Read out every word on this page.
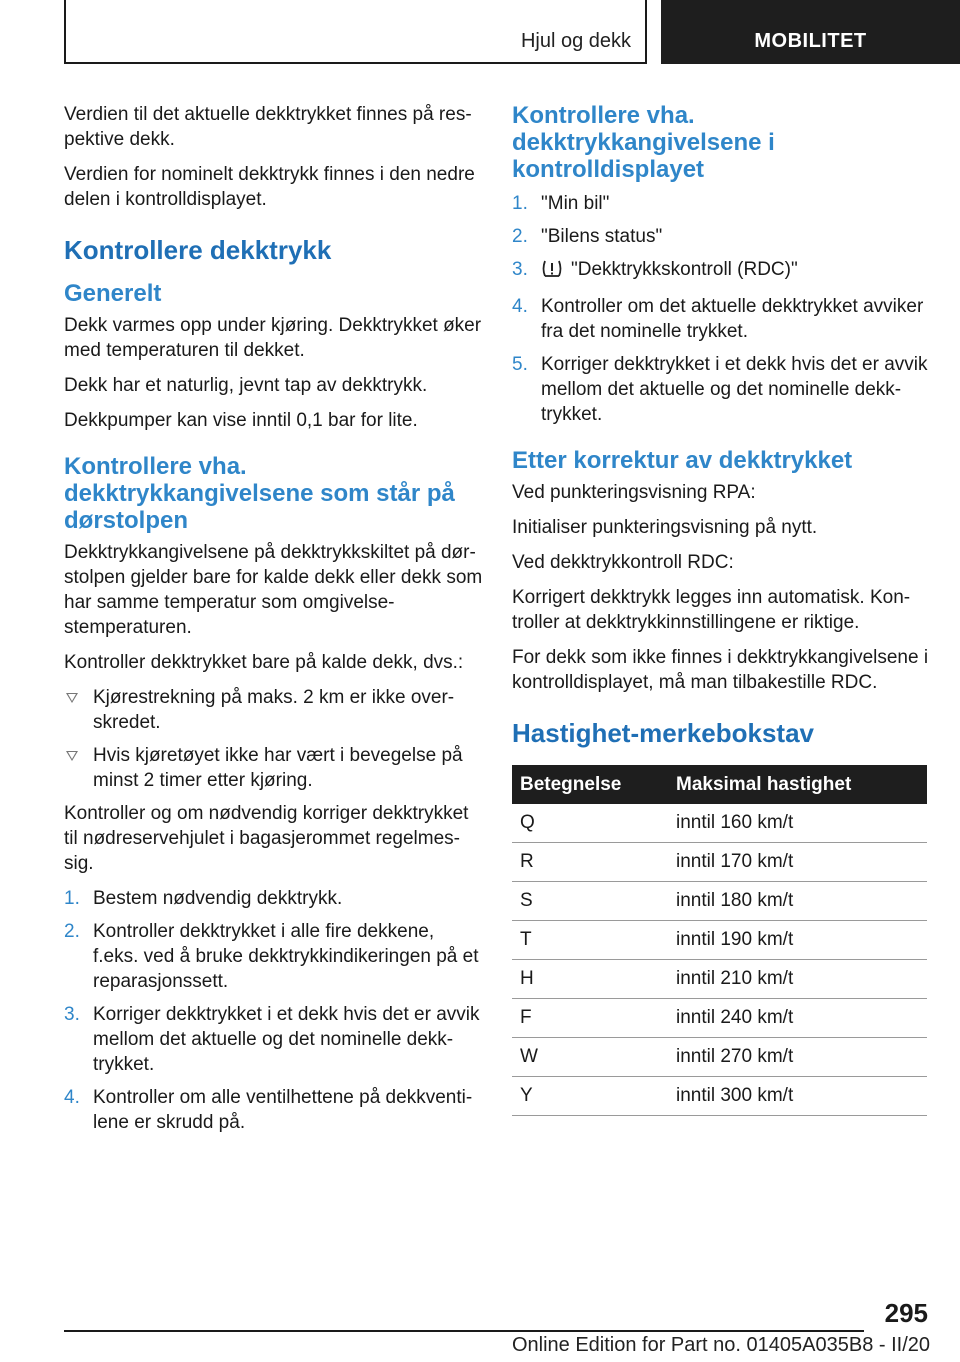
Hjul og dekk	MOBILITET

Verdien til det aktuelle dekktrykket finnes på res‐ pektive dekk.

Verdien for nominelt dekktrykk finnes i den nedre delen i kontrolldisplayet.

Kontrollere dekktrykk
Generelt

Dekk varmes opp under kjøring. Dekktrykket øker med temperaturen til dekket.

Dekk har et naturlig, jevnt tap av dekktrykk.

Dekkpumper kan vise inntil 0,1 bar for lite.

Kontrollere vha. dekktrykkangivelsene som står på dørstolpen

Dekktrykkangivelsene på dekktrykkskiltet på dør‐ stolpen gjelder bare for kalde dekk eller dekk som har samme temperatur som omgivelse‐ stemperaturen.

Kontroller dekktrykket bare på kalde dekk, dvs.:

Kjørestrekning på maks. 2 km er ikke over‐ skredet.
Hvis kjøretøyet ikke har vært i bevegelse på minst 2 timer etter kjøring.

Kontroller og om nødvendig korriger dekktrykket til nødreservehjulet i bagasjerommet regelmes‐ sig.

1. Bestem nødvendig dekktrykk.
2. Kontroller dekktrykket i alle fire dekkene, f.eks. ved å bruke dekktrykkindikeringen på et reparasjonssett.
3. Korriger dekktrykket i et dekk hvis det er avvik mellom det aktuelle og det nominelle dekk‐ trykket.
4. Kontroller om alle ventilhettene på dekkventi‐ lene er skrudd på.
Kontrollere vha. dekktrykkangivelsene i kontrolldisplayet
1. "Min bil"
2. "Bilens status"
3. "Dekktrykkskontroll (RDC)"
4. Kontroller om det aktuelle dekktrykket avviker fra det nominelle trykket.
5. Korriger dekktrykket i et dekk hvis det er avvik mellom det aktuelle og det nominelle dekk‐ trykket.
Etter korrektur av dekktrykket

Ved punkteringsvisning RPA:

Initialiser punkteringsvisning på nytt.

Ved dekktrykkontroll RDC:

Korrigert dekktrykk legges inn automatisk. Kon‐ troller at dekktrykkinnstillingene er riktige.

For dekk som ikke finnes i dekktrykkangivelsene i kontrolldisplayet, må man tilbakestille RDC.

Hastighet-merkebokstav
Betegnelse	Maksimal hastighet
Q	inntil 160 km/t
R	inntil 170 km/t
S	inntil 180 km/t
T	inntil 190 km/t
H	inntil 210 km/t
F	inntil 240 km/t
W	inntil 270 km/t
Y	inntil 300 km/t
295
Online Edition for Part no. 01405A035B8 - II/20
